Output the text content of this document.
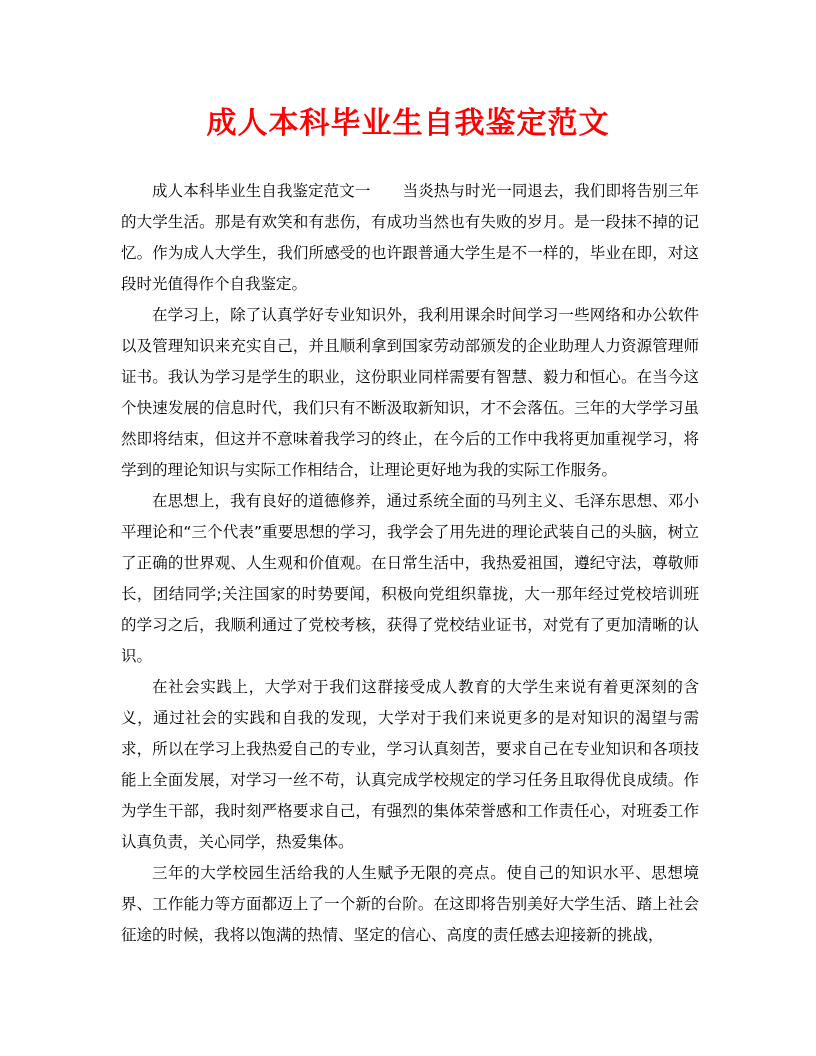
成人本科毕业生自我鉴定范文

成人本科毕业生自我鉴定范文一 当炎热与时光一同退去，我们即将告别三年的大学生活。那是有欢笑和有悲伤，有成功当然也有失败的岁月。是一段抹不掉的记忆。作为成人大学生，我们所感受的也许跟普通大学生是不一样的，毕业在即，对这段时光值得作个自我鉴定。

在学习上，除了认真学好专业知识外，我利用课余时间学习一些网络和办公软件以及管理知识来充实自己，并且顺利拿到国家劳动部颁发的企业助理人力资源管理师证书。我认为学习是学生的职业，这份职业同样需要有智慧、毅力和恒心。在当今这个快速发展的信息时代，我们只有不断汲取新知识，才不会落伍。三年的大学学习虽然即将结束，但这并不意味着我学习的终止，在今后的工作中我将更加重视学习，将学到的理论知识与实际工作相结合，让理论更好地为我的实际工作服务。

在思想上，我有良好的道德修养，通过系统全面的马列主义、毛泽东思想、邓小平理论和“三个代表”重要思想的学习，我学会了用先进的理论武装自己的头脑，树立了正确的世界观、人生观和价值观。在日常生活中，我热爱祖国，遵纪守法，尊敬师长，团结同学;关注国家的时势要闻，积极向党组织靠拢，大一那年经过党校培训班的学习之后，我顺利通过了党校考核，获得了党校结业证书，对党有了更加清晰的认识。

在社会实践上，大学对于我们这群接受成人教育的大学生来说有着更深刻的含义，通过社会的实践和自我的发现，大学对于我们来说更多的是对知识的渴望与需求，所以在学习上我热爱自己的专业，学习认真刻苦，要求自己在专业知识和各项技能上全面发展，对学习一丝不苟，认真完成学校规定的学习任务且取得优良成绩。作为学生干部，我时刻严格要求自己，有强烈的集体荣誉感和工作责任心，对班委工作认真负责，关心同学，热爱集体。

三年的大学校园生活给我的人生赋予无限的亮点。使自己的知识水平、思想境界、工作能力等方面都迈上了一个新的台阶。在这即将告别美好大学生活、踏上社会征途的时候，我将以饱满的热情、坚定的信心、高度的责任感去迎接新的挑战，
